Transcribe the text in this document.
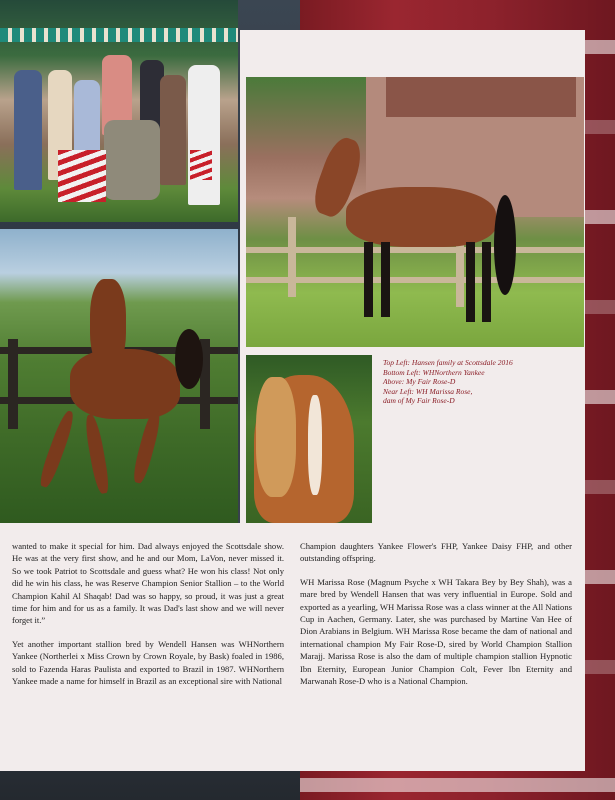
Top Left: Hansen family at Scottsdale 2016
Bottom Left: WHNorthern Yankee
Above: My Fair Rose-D
Near Left: WH Marissa Rose,
dam of My Fair Rose-D

wanted to make it special for him. Dad always enjoyed the Scottsdale show. He was at the very first show, and he and our Mom, LaVon, never missed it. So we took Patriot to Scottsdale and guess what? He won his class! Not only did he win his class, he was Reserve Champion Senior Stallion – to the World Champion Kahil Al Shaqab! Dad was so happy, so proud, it was just a great time for him and for us as a family. It was Dad's last show and we will never forget it.”

Yet another important stallion bred by Wendell Hansen was WHNorthern Yankee (Northerlei x Miss Crown by Crown Royale, by Bask) foaled in 1986, sold to Fazenda Haras Paulista and exported to Brazil in 1987. WHNorthern Yankee made a name for himself in Brazil as an exceptional sire with National

Champion daughters Yankee Flower's FHP, Yankee Daisy FHP, and other outstanding offspring.

WH Marissa Rose (Magnum Psyche x WH Takara Bey by Bey Shah), was a mare bred by Wendell Hansen that was very influential in Europe. Sold and exported as a yearling, WH Marissa Rose was a class winner at the All Nations Cup in Aachen, Germany. Later, she was purchased by Martine Van Hee of Dion Arabians in Belgium. WH Marissa Rose became the dam of national and international champion My Fair Rose-D, sired by World Champion Stallion Marajj. Marissa Rose is also the dam of multiple champion stallion Hypnotic Ibn Eternity, European Junior Champion Colt, Fever Ibn Eternity and Marwanah Rose-D who is a National Champion.
